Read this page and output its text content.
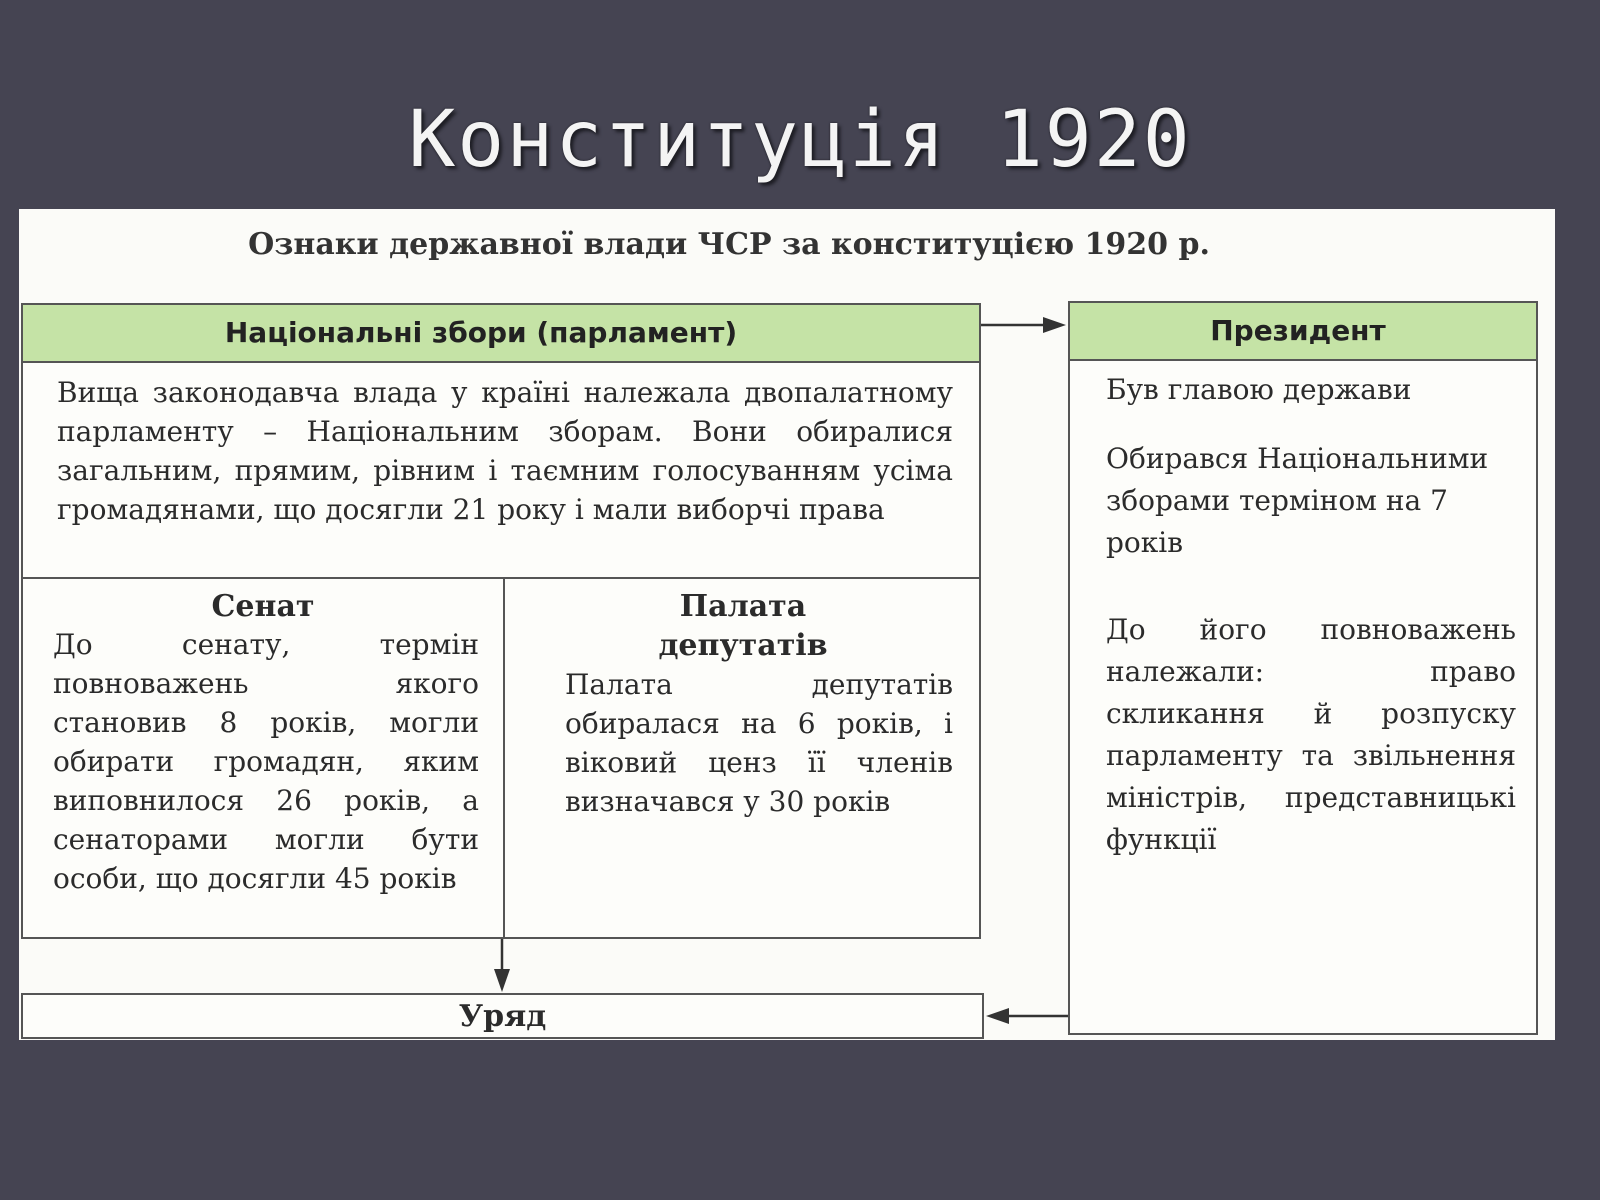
Конституція 1920
Ознаки державної влади ЧСР за конституцією 1920 р.
Національні збори (парламент)
Вища законодавча влада у країні належала двопалатному парламенту – Національним зборам. Вони обиралися загальним, прямим, рівним і таємним голосуванням усіма громадянами, що досягли 21 року і мали виборчі права
Сенат
До сенату, термін повноважень якого становив 8 років, могли обирати громадян, яким виповнилося 26 років, а сенаторами могли бути особи, що досягли 45 років
Палата депутатів
Палата депутатів обиралася на 6 років, і віковий ценз її членів визначався у 30 років
Президент
Був главою держави
Обирався Національними зборами терміном на 7 років
До його повноважень належали: право скликання й розпуску парламенту та звільнення міністрів, представницькі функції
Уряд
